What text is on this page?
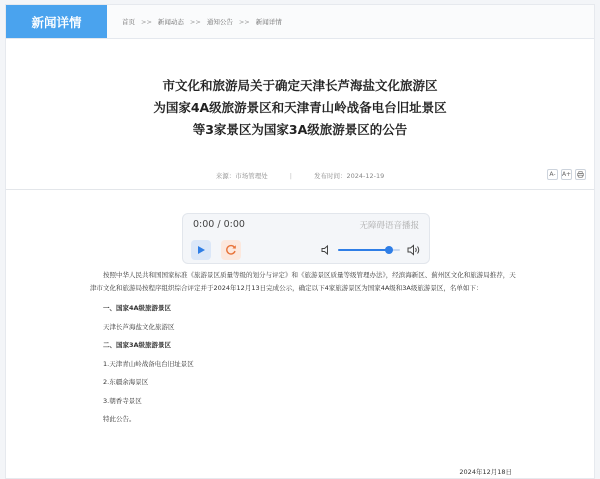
新闻详情	首页 >> 新闻动态 >> 通知公告 >> 新闻详情
市文化和旅游局关于确定天津长芦海盐文化旅游区
为国家4A级旅游景区和天津青山岭战备电台旧址景区
等3家景区为国家3A级旅游景区的公告
来源：市场管理处	|	发布时间：2024-12-19	A-	A+
0:00 / 0:00	无障碍语音播报

按照中华人民共和国国家标准《旅游景区质量等级的划分与评定》和《旅游景区质量等级管理办法》，经滨海新区、蓟州区文化和旅游局推荐，天津市文化和旅游局按程序组织综合评定并于2024年12月13日完成公示，确定以下4家旅游景区为国家4A级和3A级旅游景区，名单如下：

一、国家4A级旅游景区
天津长芦海盐文化旅游区
二、国家3A级旅游景区
1.天津青山岭战备电台旧址景区
2.东疆余海景区
3.朝香寺景区
特此公告。
2024年12月18日
